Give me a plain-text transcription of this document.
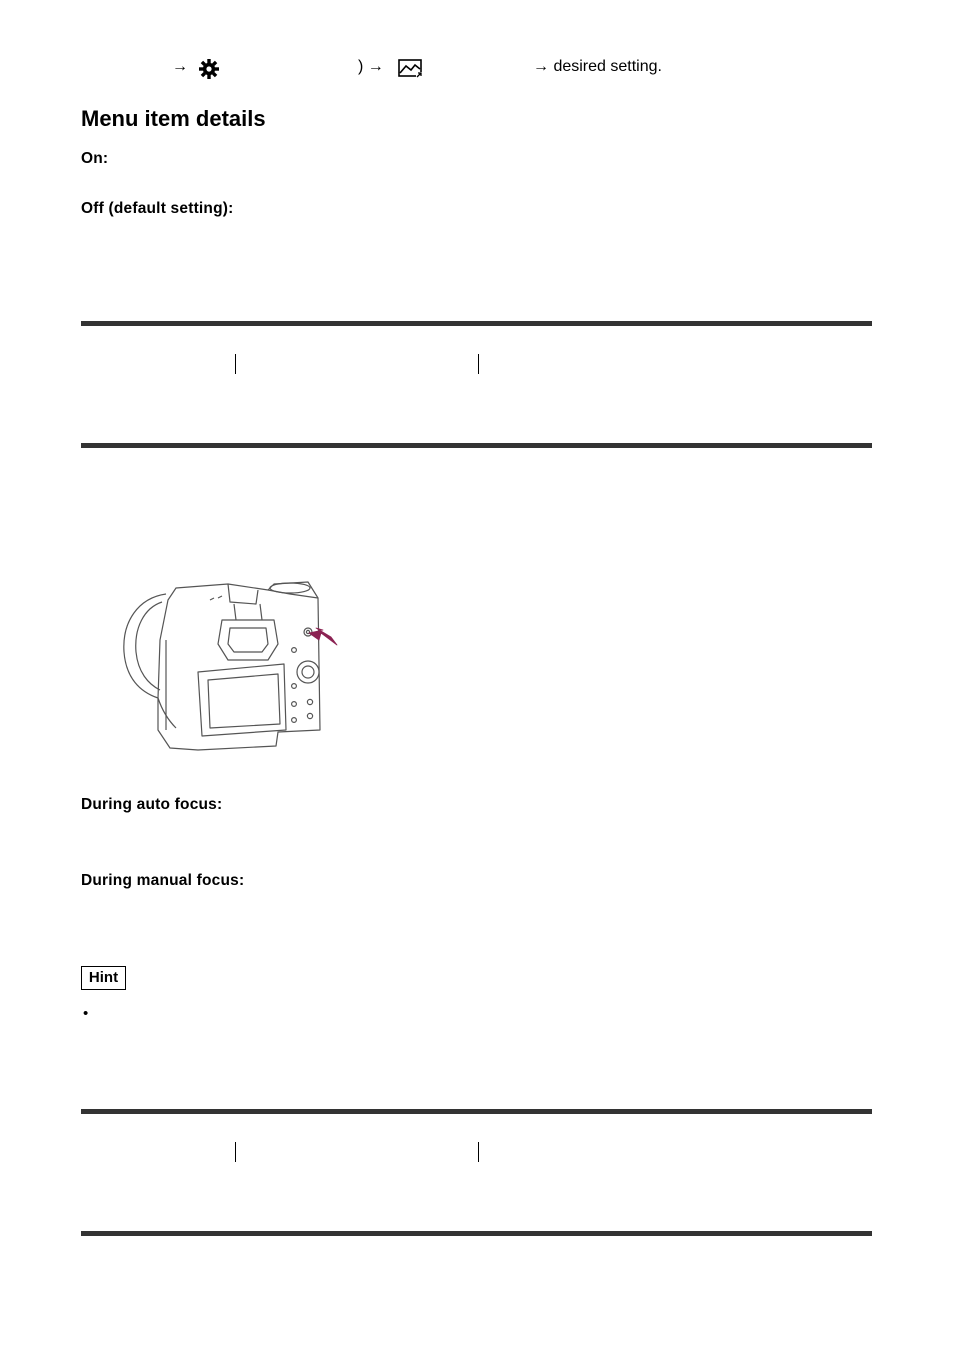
→	) →	→ desired setting.
Menu item details
On:
Off (default setting):
During auto focus:
During manual focus:
Hint
•
